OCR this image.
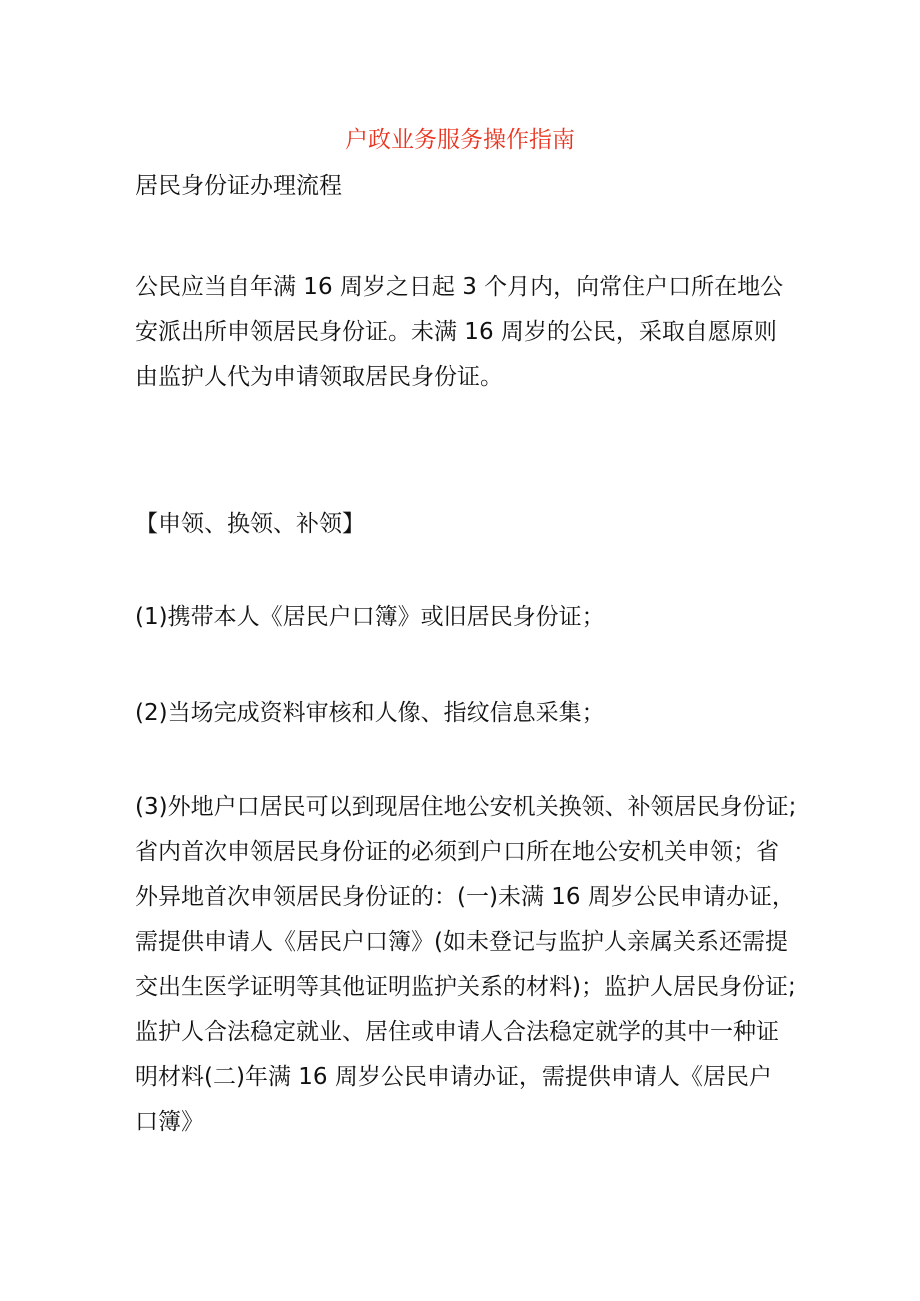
户政业务服务操作指南
居民身份证办理流程
公民应当自年满 16 周岁之日起 3 个月内，向常住户口所在地公
安派出所申领居民身份证。未满 16 周岁的公民，采取自愿原则
由监护人代为申请领取居民身份证。
【申领、换领、补领】
(1)携带本人《居民户口簿》或旧居民身份证；
(2)当场完成资料审核和人像、指纹信息采集；
(3)外地户口居民可以到现居住地公安机关换领、补领居民身份证;
省内首次申领居民身份证的必须到户口所在地公安机关申领；省
外异地首次申领居民身份证的：(一)未满 16 周岁公民申请办证，
需提供申请人《居民户口簿》(如未登记与监护人亲属关系还需提
交出生医学证明等其他证明监护关系的材料)；监护人居民身份证;
监护人合法稳定就业、居住或申请人合法稳定就学的其中一种证
明材料(二)年满 16 周岁公民申请办证，需提供申请人《居民户
口簿》
